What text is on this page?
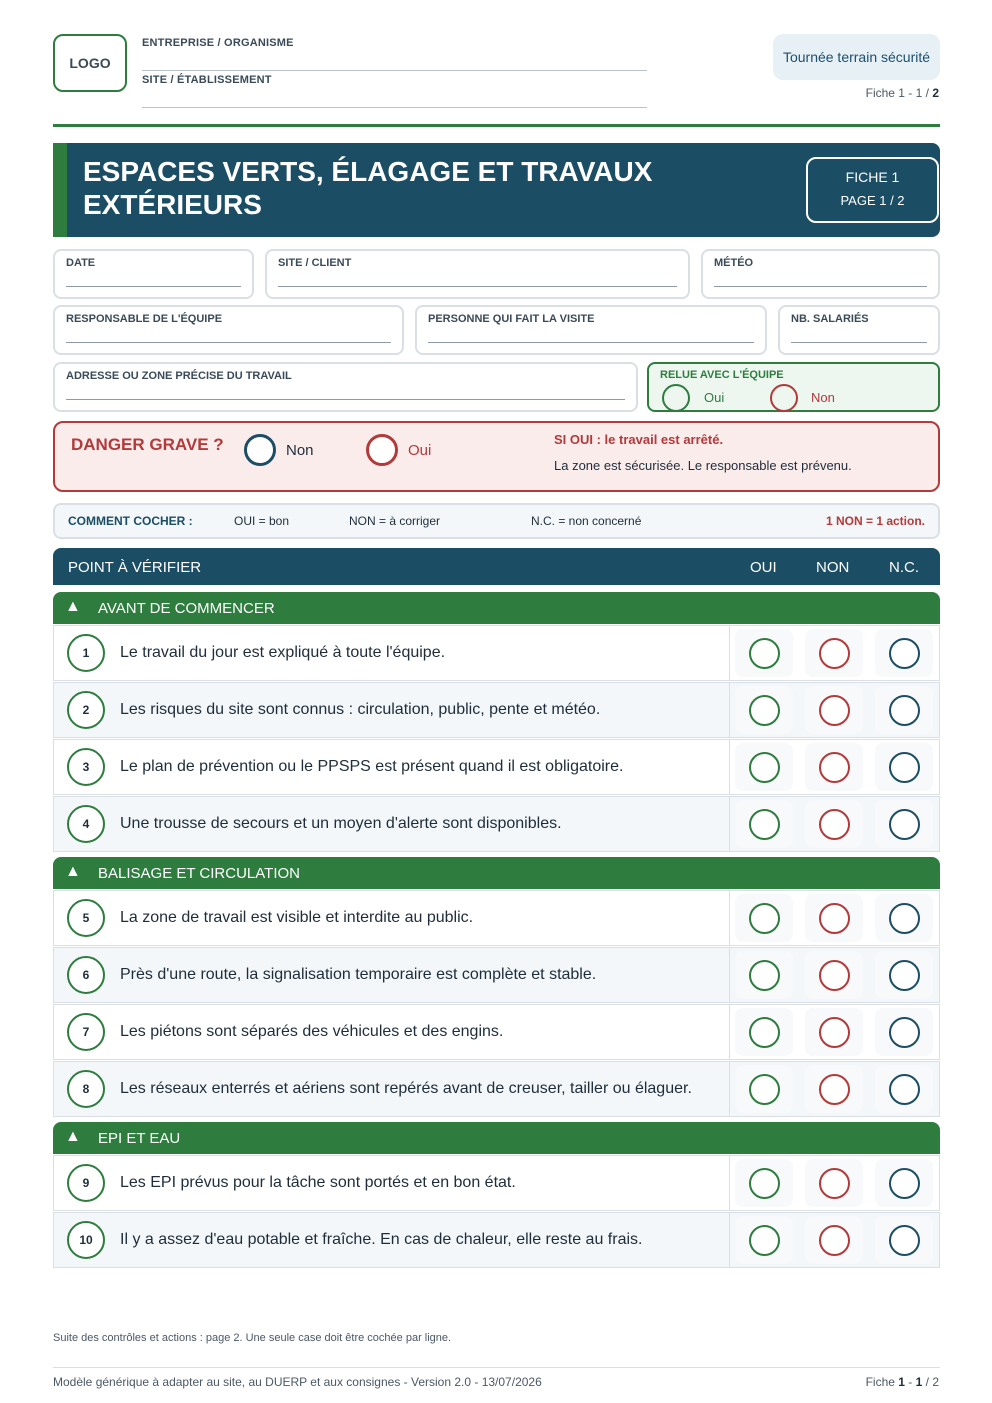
LOGO
ENTREPRISE / ORGANISME
SITE / ÉTABLISSEMENT
Tournée terrain sécurité
Fiche 1 - 1 / 2
ESPACES VERTS, ÉLAGAGE ET TRAVAUX
EXTÉRIEURS
FICHE 1
PAGE 1 / 2
DATE	SITE / CLIENT	MÉTÉO
RESPONSABLE DE L'ÉQUIPE	PERSONNE QUI FAIT LA VISITE	NB. SALARIÉS
ADRESSE OU ZONE PRÉCISE DU TRAVAIL	RELUE AVEC L'ÉQUIPE
Oui	Non
DANGER GRAVE ?	Non	Oui
SI OUI : le travail est arrêté.
La zone est sécurisée. Le responsable est prévenu.
COMMENT COCHER :	OUI = bon	NON = à corriger	N.C. = non concerné	1 NON = 1 action.
POINT À VÉRIFIER	OUI	NON	N.C.
▲ AVANT DE COMMENCER
1	Le travail du jour est expliqué à toute l'équipe.
2	Les risques du site sont connus : circulation, public, pente et météo.
3	Le plan de prévention ou le PPSPS est présent quand il est obligatoire.
4	Une trousse de secours et un moyen d'alerte sont disponibles.
▲ BALISAGE ET CIRCULATION
5	La zone de travail est visible et interdite au public.
6	Près d'une route, la signalisation temporaire est complète et stable.
7	Les piétons sont séparés des véhicules et des engins.
8	Les réseaux enterrés et aériens sont repérés avant de creuser, tailler ou élaguer.
▲ EPI ET EAU
9	Les EPI prévus pour la tâche sont portés et en bon état.
10	Il y a assez d'eau potable et fraîche. En cas de chaleur, elle reste au frais.
Suite des contrôles et actions : page 2. Une seule case doit être cochée par ligne.
Modèle générique à adapter au site, au DUERP et aux consignes - Version 2.0 - 13/07/2026	Fiche 1 - 1 / 2
